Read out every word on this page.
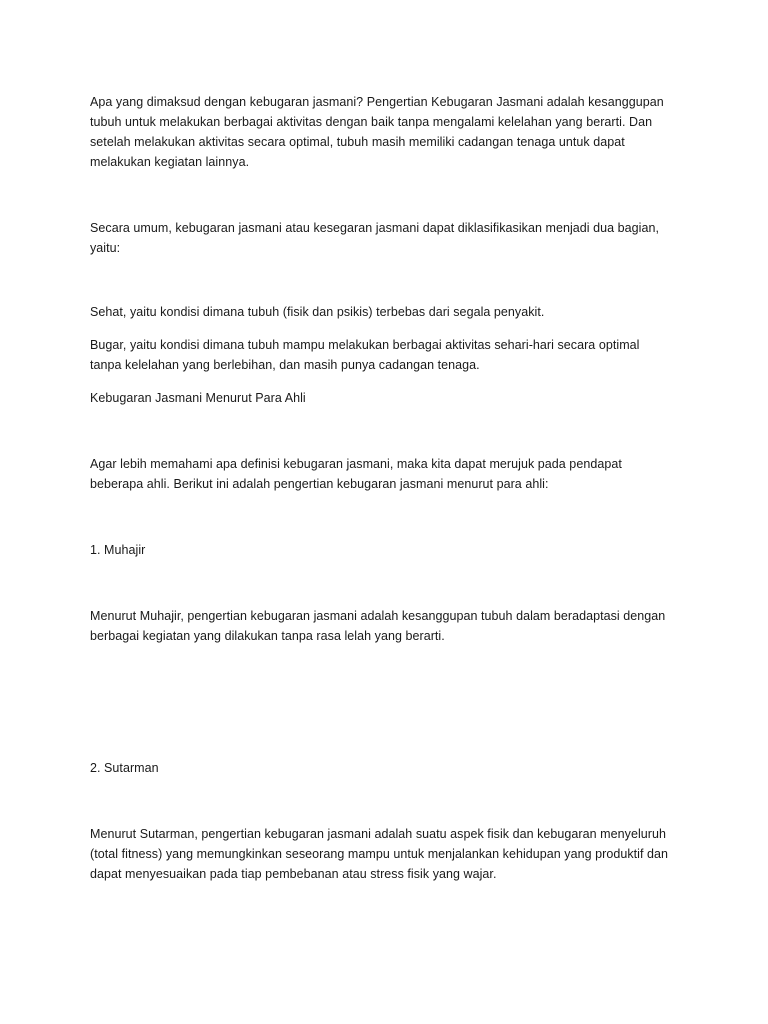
Apa yang dimaksud dengan kebugaran jasmani? Pengertian Kebugaran Jasmani adalah kesanggupan
tubuh untuk melakukan berbagai aktivitas dengan baik tanpa mengalami kelelahan yang berarti. Dan
setelah melakukan aktivitas secara optimal, tubuh masih memiliki cadangan tenaga untuk dapat
melakukan kegiatan lainnya.

Secara umum, kebugaran jasmani atau kesegaran jasmani dapat diklasifikasikan menjadi dua bagian,
yaitu:

Sehat, yaitu kondisi dimana tubuh (fisik dan psikis) terbebas dari segala penyakit.

Bugar, yaitu kondisi dimana tubuh mampu melakukan berbagai aktivitas sehari-hari secara optimal
tanpa kelelahan yang berlebihan, dan masih punya cadangan tenaga.

Kebugaran Jasmani Menurut Para Ahli

Agar lebih memahami apa definisi kebugaran jasmani, maka kita dapat merujuk pada pendapat
beberapa ahli. Berikut ini adalah pengertian kebugaran jasmani menurut para ahli:

1. Muhajir

Menurut Muhajir, pengertian kebugaran jasmani adalah kesanggupan tubuh dalam beradaptasi dengan
berbagai kegiatan yang dilakukan tanpa rasa lelah yang berarti.

2. Sutarman

Menurut Sutarman, pengertian kebugaran jasmani adalah suatu aspek fisik dan kebugaran menyeluruh
(total fitness) yang memungkinkan seseorang mampu untuk menjalankan kehidupan yang produktif dan
dapat menyesuaikan pada tiap pembebanan atau stress fisik yang wajar.
